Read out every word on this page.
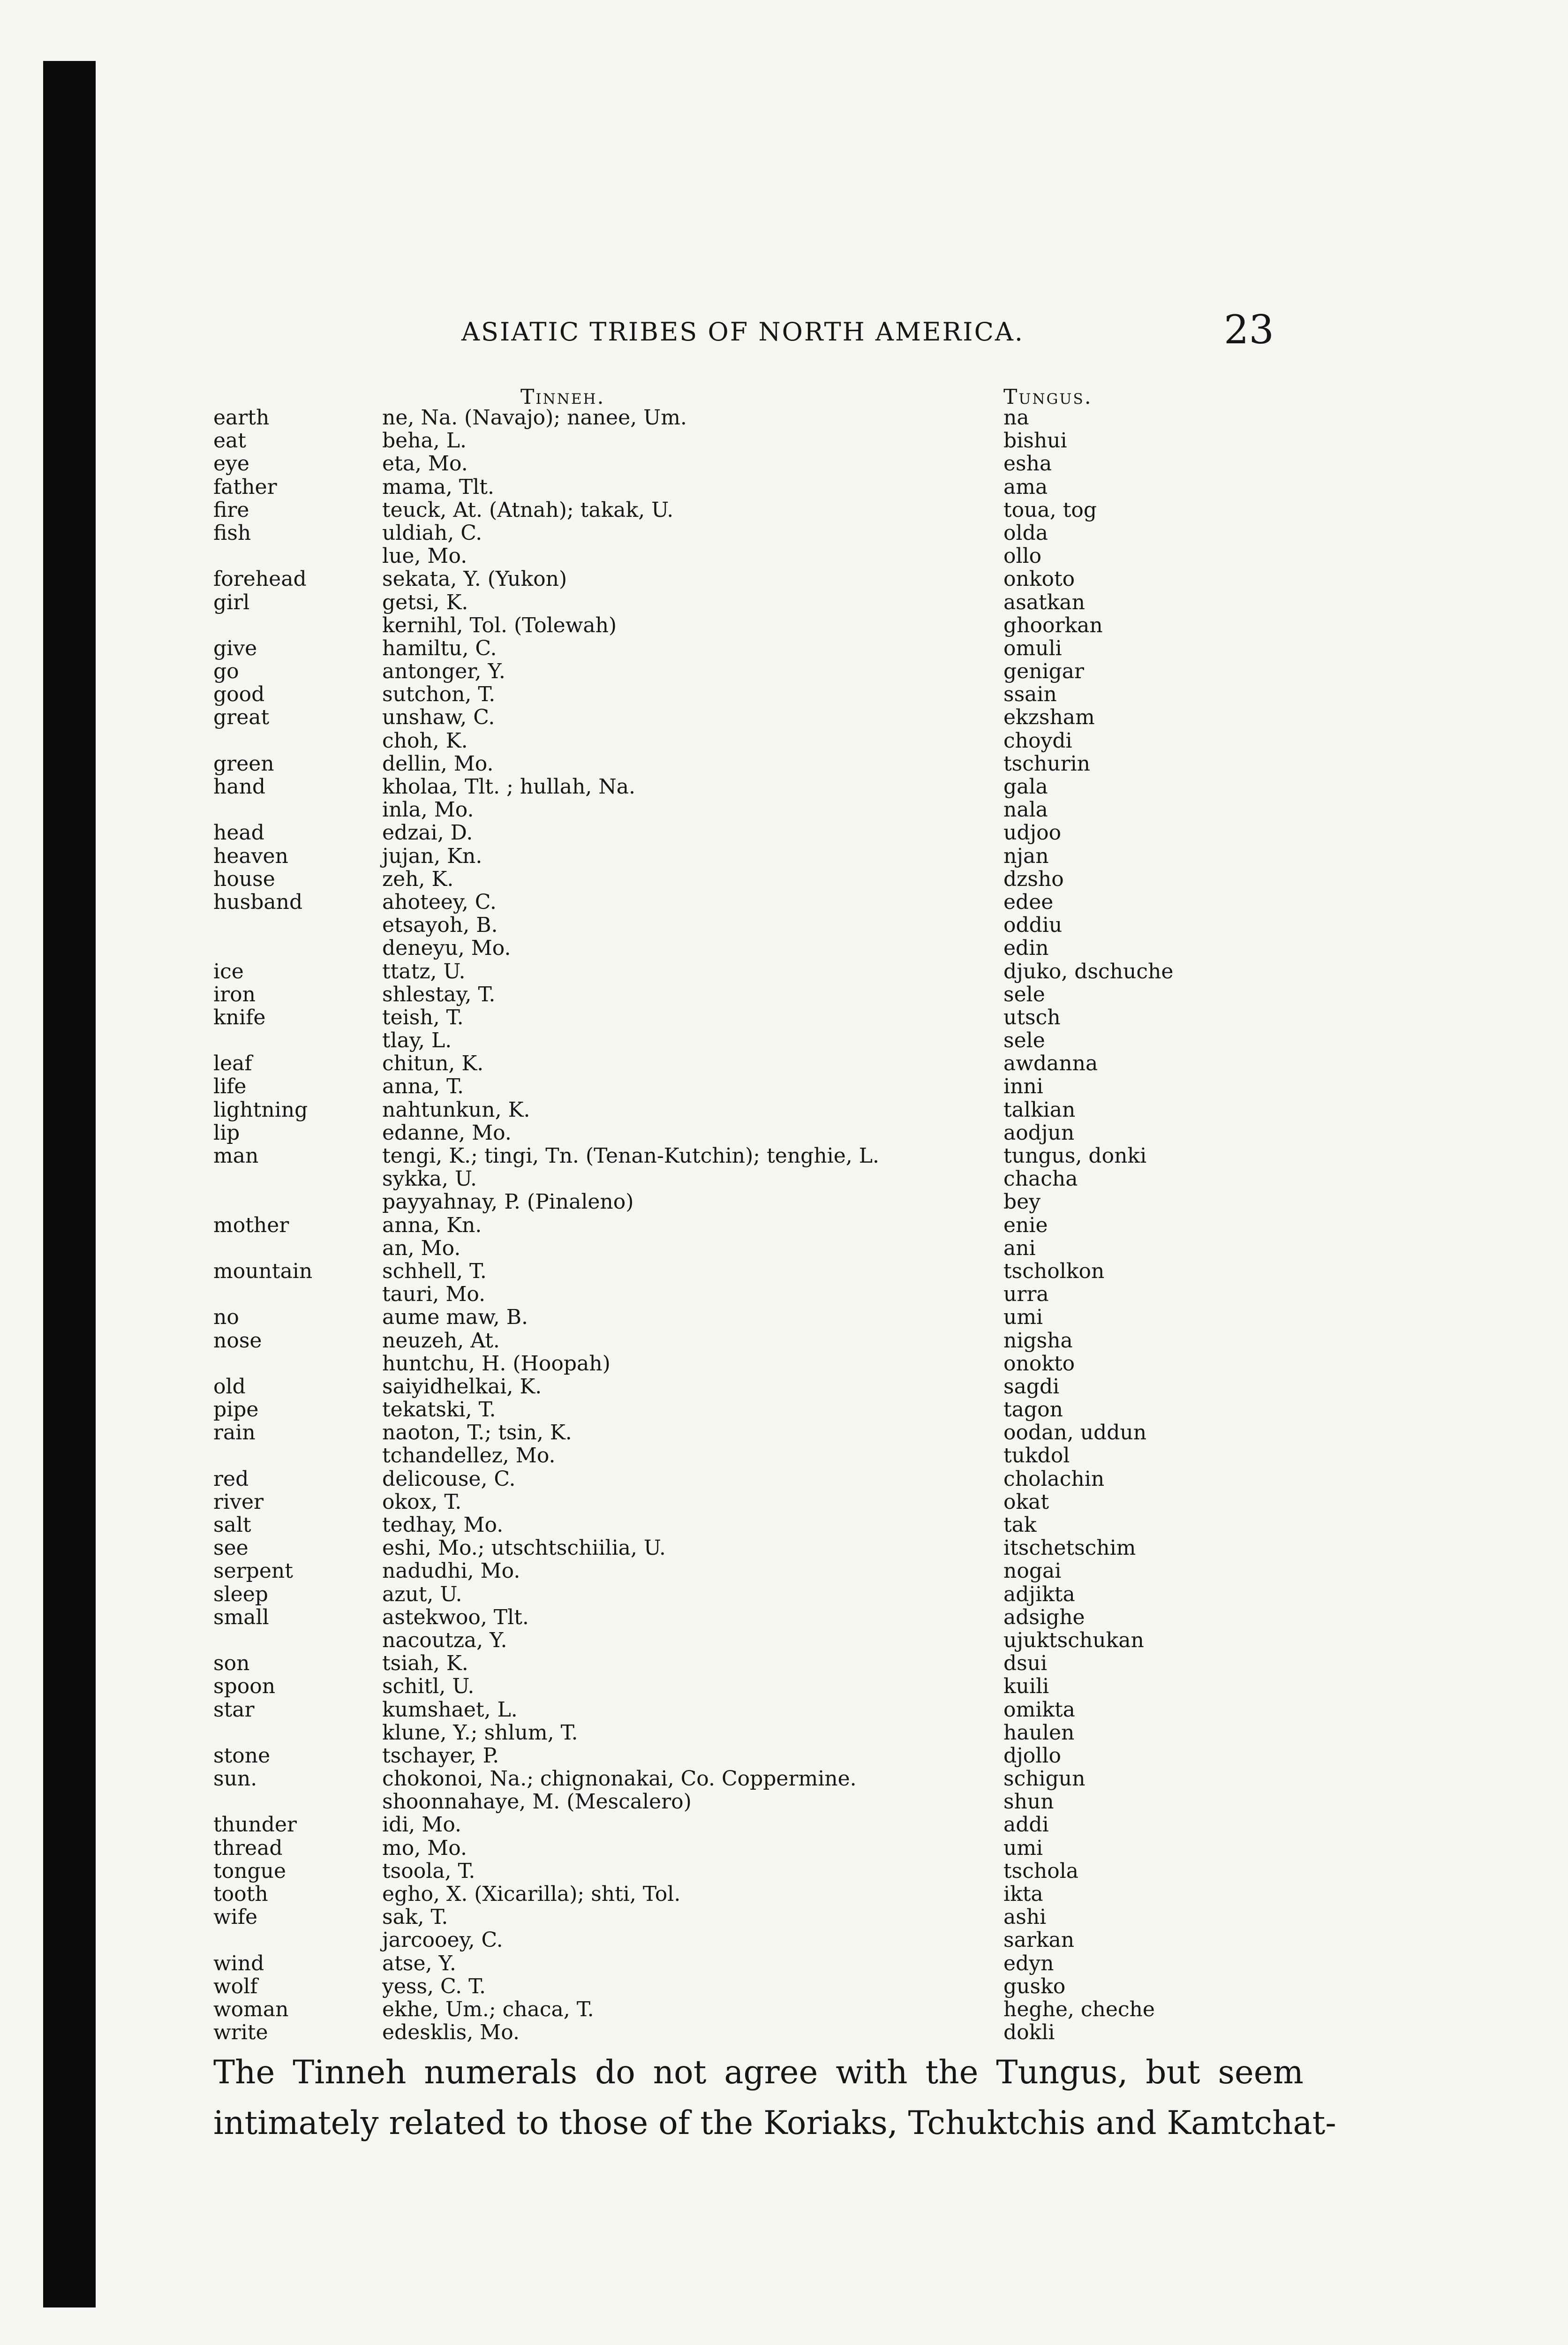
ASIATIC TRIBES OF NORTH AMERICA.	23
Tinneh.	Tungus.
earth	ne, Na. (Navajo); nanee, Um.	na
eat	beha, L.	bishui
eye	eta, Mo.	esha
father	mama, Tlt.	ama
fire	teuck, At. (Atnah); takak, U.	toua, tog
fish	uldiah, C.	olda
lue, Mo.	ollo
forehead	sekata, Y. (Yukon)	onkoto
girl	getsi, K.	asatkan
kernihl, Tol. (Tolewah)	ghoorkan
give	hamiltu, C.	omuli
go	antonger, Y.	genigar
good	sutchon, T.	ssain
great	unshaw, C.	ekzsham
choh, K.	choydi
green	dellin, Mo.	tschurin
hand	kholaa, Tlt. ; hullah, Na.	gala
inla, Mo.	nala
head	edzai, D.	udjoo
heaven	jujan, Kn.	njan
house	zeh, K.	dzsho
husband	ahoteey, C.	edee
etsayoh, B.	oddiu
deneyu, Mo.	edin
ice	ttatz, U.	djuko, dschuche
iron	shlestay, T.	sele
knife	teish, T.	utsch
tlay, L.	sele
leaf	chitun, K.	awdanna
life	anna, T.	inni
lightning	nahtunkun, K.	talkian
lip	edanne, Mo.	aodjun
man	tengi, K.; tingi, Tn. (Tenan-Kutchin); tenghie, L.	tungus, donki
sykka, U.	chacha
payyahnay, P. (Pinaleno)	bey
mother	anna, Kn.	enie
an, Mo.	ani
mountain	schhell, T.	tscholkon
tauri, Mo.	urra
no	aume maw, B.	umi
nose	neuzeh, At.	nigsha
huntchu, H. (Hoopah)	onokto
old	saiyidhelkai, K.	sagdi
pipe	tekatski, T.	tagon
rain	naoton, T.; tsin, K.	oodan, uddun
tchandellez, Mo.	tukdol
red	delicouse, C.	cholachin
river	okox, T.	okat
salt	tedhay, Mo.	tak
see	eshi, Mo.; utschtschiilia, U.	itschetschim
serpent	nadudhi, Mo.	nogai
sleep	azut, U.	adjikta
small	astekwoo, Tlt.	adsighe
nacoutza, Y.	ujuktschukan
son	tsiah, K.	dsui
spoon	schitl, U.	kuili
star	kumshaet, L.	omikta
klune, Y.; shlum, T.	haulen
stone	tschayer, P.	djollo
sun.	chokonoi, Na.; chignonakai, Co. Coppermine.	schigun
shoonnahaye, M. (Mescalero)	shun
thunder	idi, Mo.	addi
thread	mo, Mo.	umi
tongue	tsoola, T.	tschola
tooth	egho, X. (Xicarilla); shti, Tol.	ikta
wife	sak, T.	ashi
jarcooey, C.	sarkan
wind	atse, Y.	edyn
wolf	yess, C. T.	gusko
woman	ekhe, Um.; chaca, T.	heghe, cheche
write	edesklis, Mo.	dokli
The Tinneh numerals do not agree with the Tungus, but seem
intimately related to those of the Koriaks, Tchuktchis and Kamtchat-
